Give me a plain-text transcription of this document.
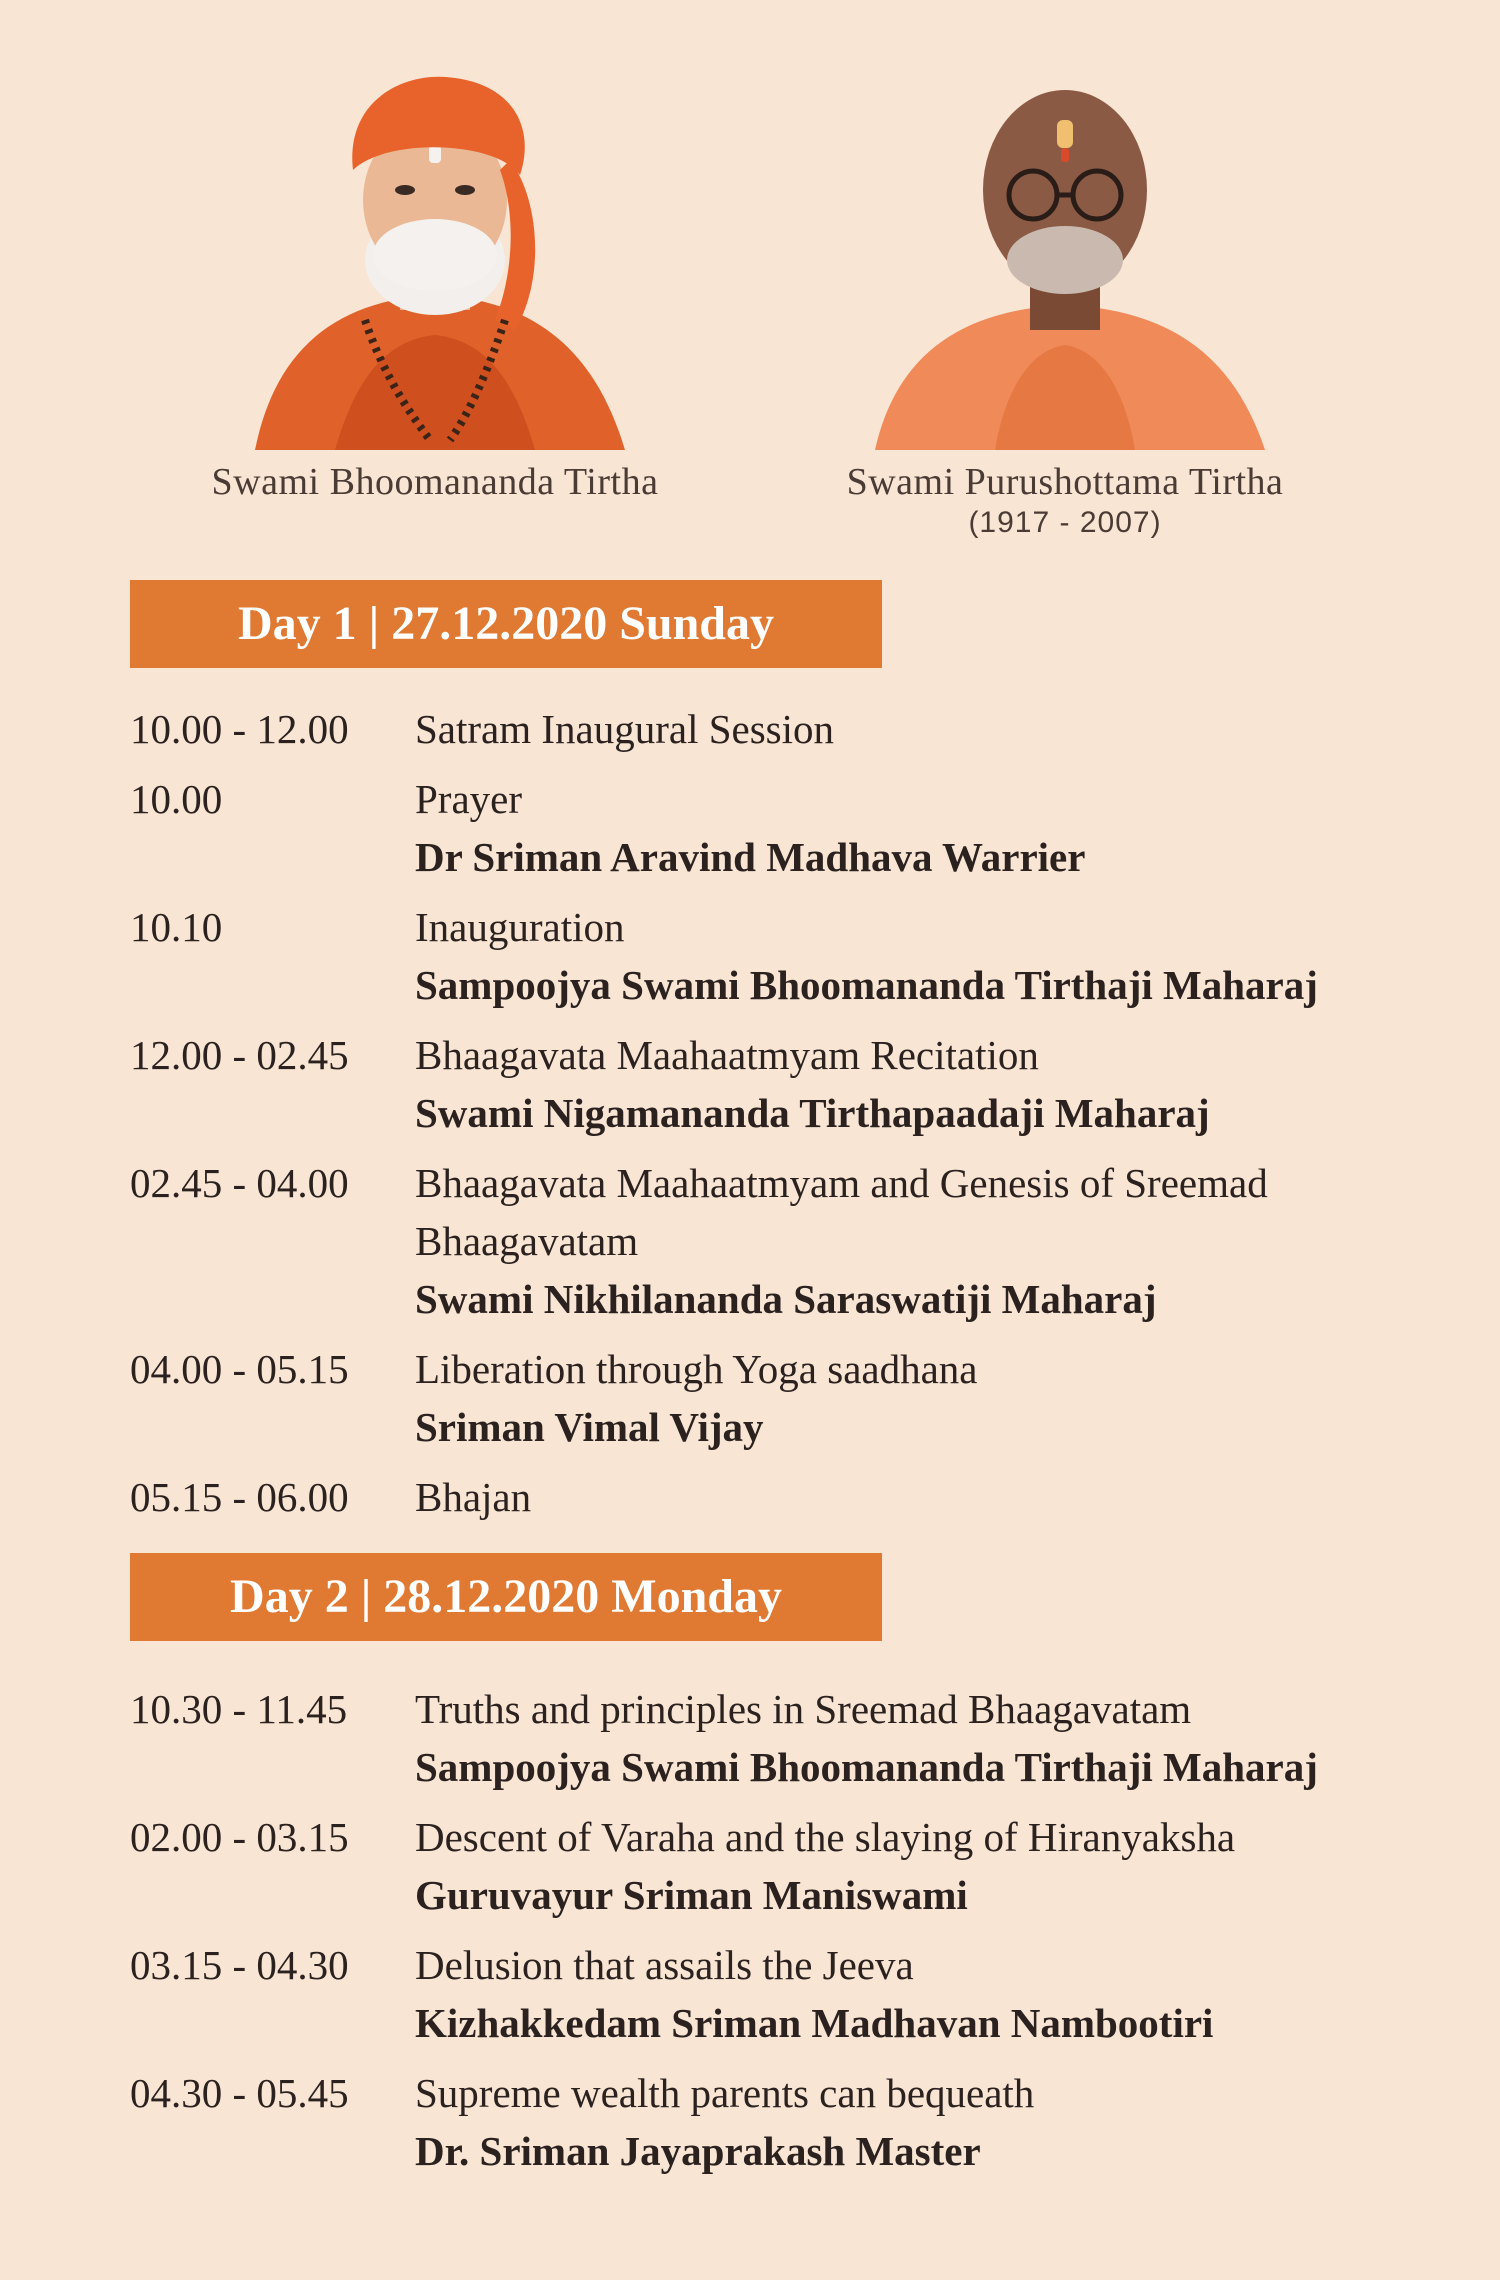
Swami Bhoomananda Tirtha	Swami Purushottama Tirtha
(1917 - 2007)
Day 1 | 27.12.2020 Sunday
10.00 - 12.00	Satram Inaugural Session
10.00	Prayer
Dr Sriman Aravind Madhava Warrier
10.10	Inauguration
Sampoojya Swami Bhoomananda Tirthaji Maharaj
12.00 - 02.45	Bhaagavata Maahaatmyam Recitation
Swami Nigamananda Tirthapaadaji Maharaj
02.45 - 04.00	Bhaagavata Maahaatmyam and Genesis of Sreemad Bhaagavatam
Swami Nikhilananda Saraswatiji Maharaj
04.00 - 05.15	Liberation through Yoga saadhana
Sriman Vimal Vijay
05.15 - 06.00	Bhajan
Day 2 | 28.12.2020 Monday
10.30 - 11.45	Truths and principles in Sreemad Bhaagavatam
Sampoojya Swami Bhoomananda Tirthaji Maharaj
02.00 - 03.15	Descent of Varaha and the slaying of Hiranyaksha
Guruvayur Sriman Maniswami
03.15 - 04.30	Delusion that assails the Jeeva
Kizhakkedam Sriman Madhavan Nambootiri
04.30 - 05.45	Supreme wealth parents can bequeath
Dr. Sriman Jayaprakash Master
